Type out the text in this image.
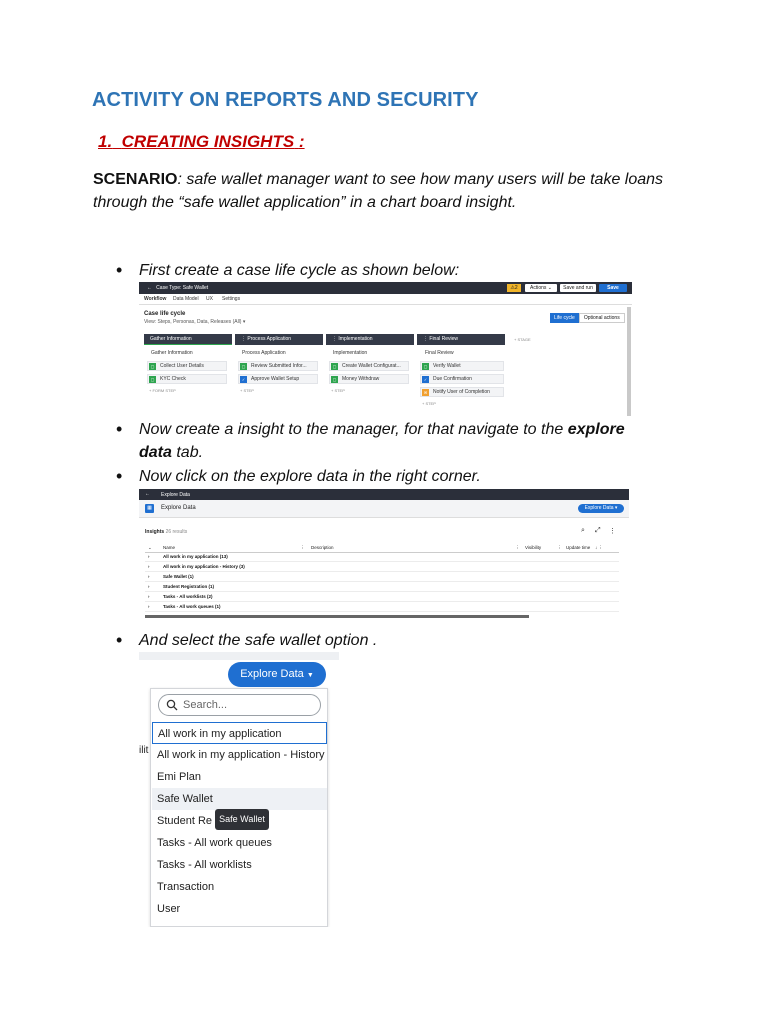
ACTIVITY ON REPORTS AND SECURITY
1. CREATING INSIGHTS :
SCENARIO: safe wallet manager want to see how many users will be take loans
through the “safe wallet application” in a chart board insight.
• First create a case life cycle as shown below:
←   Case Type: Safe Wallet	⚠2	Actions ⌄	Save and run	Save
Workflow Data Model UX Settings
Case life cycle
View: Steps, Personas, Data, Releases (All) ▾
Life cycle Optional actions
Gather Information	⋮ Process Application	⋮ Implementation	⋮ Final Review	+ STAGE
Gather Information	Process Application	Implementation	Final Review
▢	Collect User Details
▢	KYC Check
+ FORM STEP
▢	Review Submitted Infor...
✓	Approve Wallet Setup
+ STEP
▢	Create Wallet Configurat...
▢	Money Withdraw
+ STEP
▢	Verify Wallet
✓	Due Confirmation
✉	Notify User of Completion
+ STEP
• Now create a insight to the manager, for that navigate to the explore
data tab.
• Now click on the explore data in the right corner.
← Explore Data
▦	Explore Data	Explore Data ▾
Insights 26 results	⌕ ⤢ ⋮
⌄ Name	⋮ Description	⋮ Visibility	⋮ Update time ↓ ⋮
›	All work in my application (13)
›	All work in my application - History (3)
›	Safe Wallet (1)
›	Student Registration (1)
›	Tasks - All worklists (2)
›	Tasks - All work queues (1)
• And select the safe wallet option .
Explore Data ▼
ilit
Search...
All work in my application
All work in my application - History
Emi Plan
Safe Wallet
Student Re
Tasks - All work queues
Tasks - All worklists
Transaction
User
Safe Wallet
